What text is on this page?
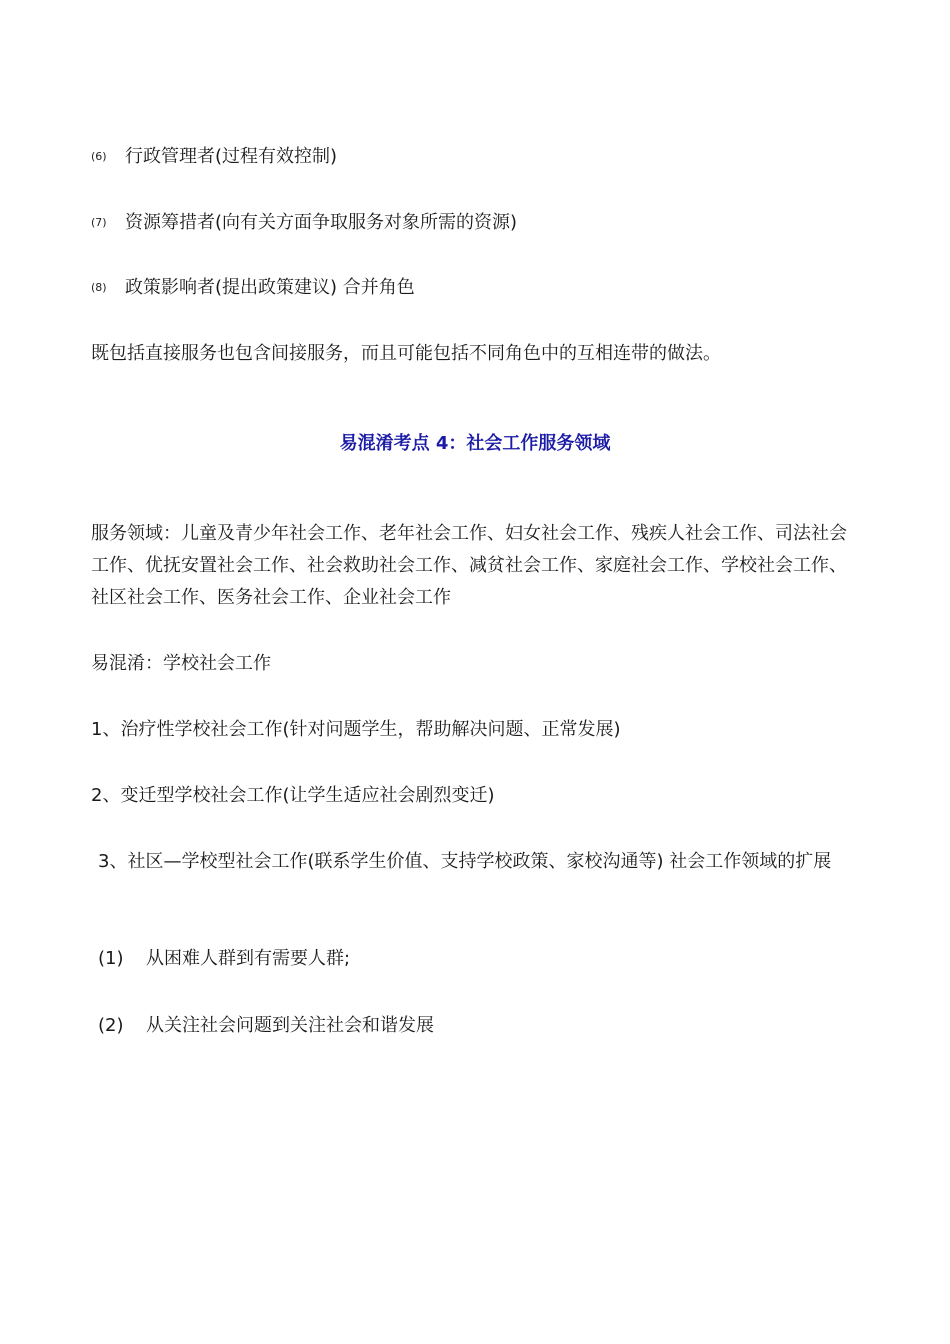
(6)	行政管理者(过程有效控制)
(7)	资源筹措者(向有关方面争取服务对象所需的资源)
(8)	政策影响者(提出政策建议) 合并角色
既包括直接服务也包含间接服务，而且可能包括不同角色中的互相连带的做法。
易混淆考点 4：社会工作服务领域
服务领域：儿童及青少年社会工作、老年社会工作、妇女社会工作、残疾人社会工作、司法社会工作、优抚安置社会工作、社会救助社会工作、减贫社会工作、家庭社会工作、学校社会工作、社区社会工作、医务社会工作、企业社会工作
易混淆：学校社会工作
1、治疗性学校社会工作(针对问题学生，帮助解决问题、正常发展)
2、变迁型学校社会工作(让学生适应社会剧烈变迁)
3、社区—学校型社会工作(联系学生价值、支持学校政策、家校沟通等) 社会工作领域的扩展
(1)	从困难人群到有需要人群;
(2)	从关注社会问题到关注社会和谐发展
